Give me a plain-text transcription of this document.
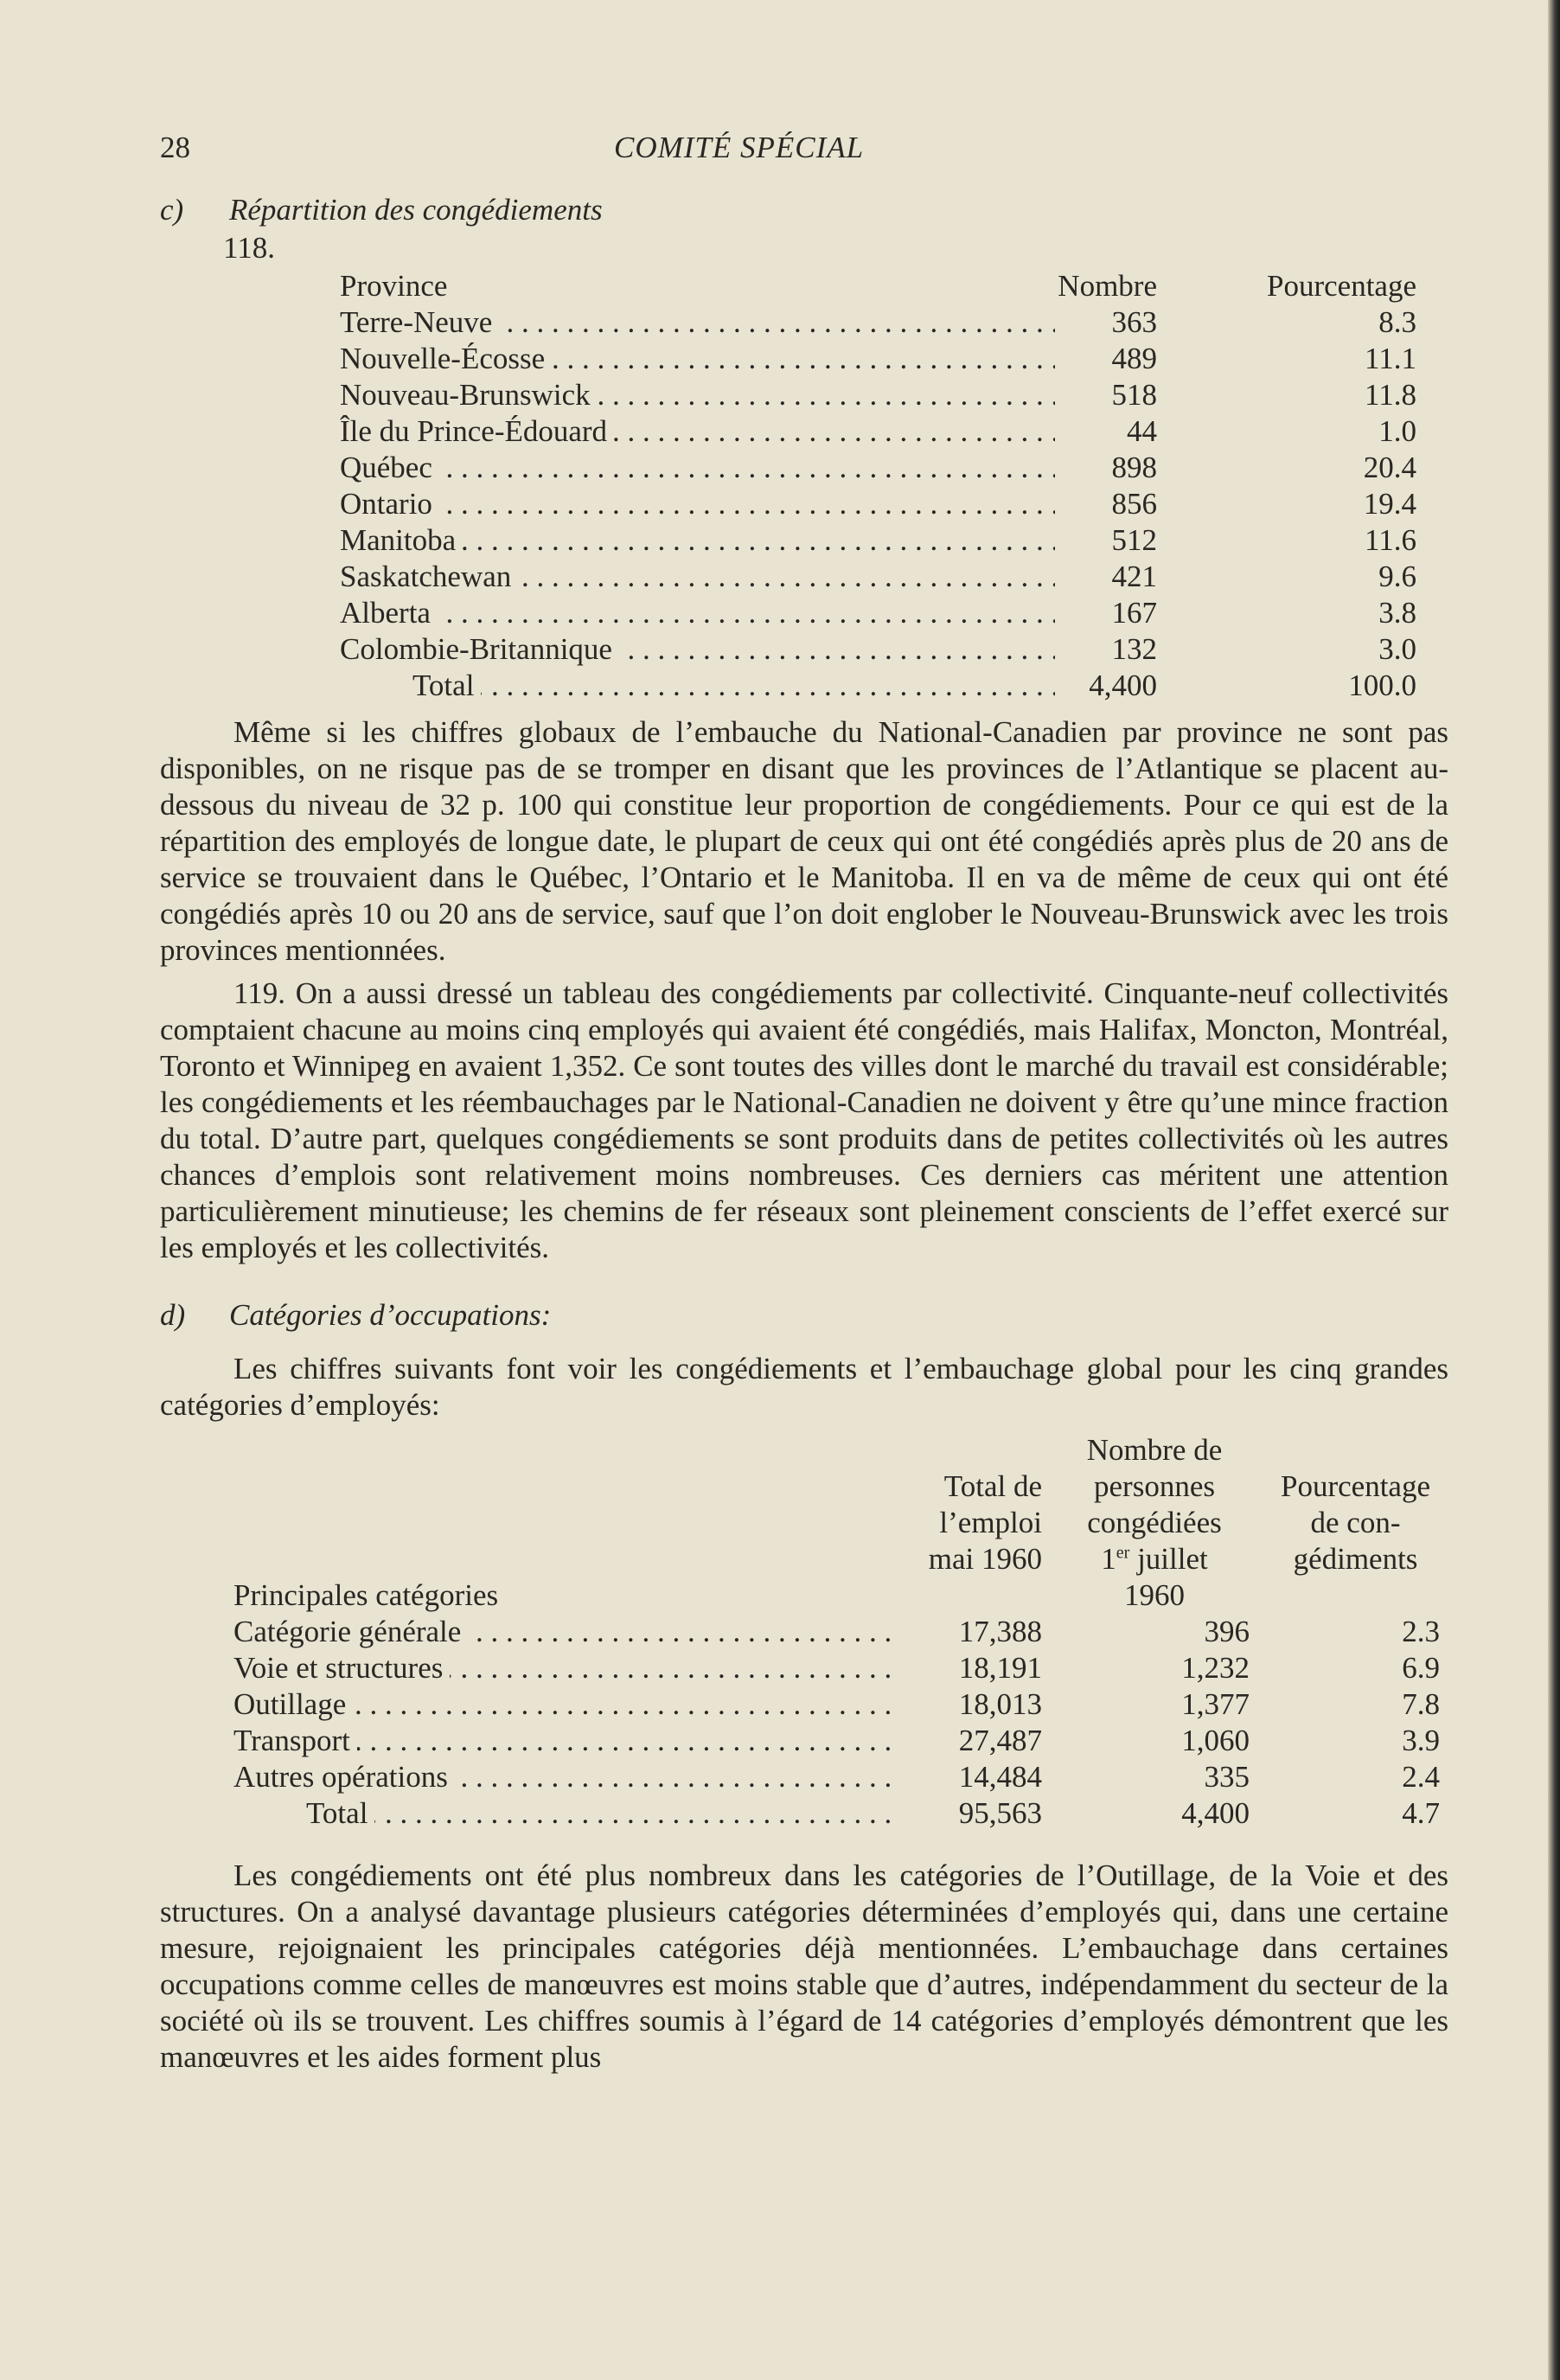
28	COMITÉ SPÉCIAL
c) Répartition des congédiements
118.
Province	Nombre	Pourcentage
Terre-Neuve . . .	363	8.3
Nouvelle-Écosse . . .	489	11.1
Nouveau-Brunswick . . .	518	11.8
Île du Prince-Édouard . . .	44	1.0
Québec . . .	898	20.4
Ontario . . .	856	19.4
Manitoba . . .	512	11.6
Saskatchewan . . .	421	9.6
Alberta . . .	167	3.8
Colombie-Britannique . . .	132	3.0
Total . . .	4,400	100.0

Même si les chiffres globaux de l’embauche du National-Canadien par province ne sont pas disponibles, on ne risque pas de se tromper en disant que les provinces de l’Atlantique se placent au-dessous du niveau de 32 p. 100 qui constitue leur proportion de congédiements. Pour ce qui est de la répartition des employés de longue date, le plupart de ceux qui ont été congédiés après plus de 20 ans de service se trouvaient dans le Québec, l’Ontario et le Manitoba. Il en va de même de ceux qui ont été congédiés après 10 ou 20 ans de service, sauf que l’on doit englober le Nouveau-Brunswick avec les trois provinces mentionnées.

119. On a aussi dressé un tableau des congédiements par collectivité. Cinquante-neuf collectivités comptaient chacune au moins cinq employés qui avaient été congédiés, mais Halifax, Moncton, Montréal, Toronto et Winnipeg en avaient 1,352. Ce sont toutes des villes dont le marché du travail est considérable; les congédiements et les réembauchages par le National-Canadien ne doivent y être qu’une mince fraction du total. D’autre part, quelques congédiements se sont produits dans de petites collectivités où les autres chances d’emplois sont relativement moins nombreuses. Ces derniers cas méritent une attention particulièrement minutieuse; les chemins de fer réseaux sont pleinement conscients de l’effet exercé sur les employés et les collectivités.

d) Catégories d’occupations:

Les chiffres suivants font voir les congédiements et l’embauchage global pour les cinq grandes catégories d’employés:

Total de
l’emploi
mai 1960
Nombre de
personnes
congédiées
1er juillet
1960
Pourcentage
de con-
gédiments
Principales catégories
Catégorie générale . . .	17,388	396	2.3
Voie et structures . . .	18,191	1,232	6.9
Outillage . . .	18,013	1,377	7.8
Transport . . .	27,487	1,060	3.9
Autres opérations . . .	14,484	335	2.4
Total . . .	95,563	4,400	4.7

Les congédiements ont été plus nombreux dans les catégories de l’Outillage, de la Voie et des structures. On a analysé davantage plusieurs catégories déterminées d’employés qui, dans une certaine mesure, rejoignaient les principales catégories déjà mentionnées. L’embauchage dans certaines occupations comme celles de manœuvres est moins stable que d’autres, indépendamment du secteur de la société où ils se trouvent. Les chiffres soumis à l’égard de 14 catégories d’employés démontrent que les manœuvres et les aides forment plus
